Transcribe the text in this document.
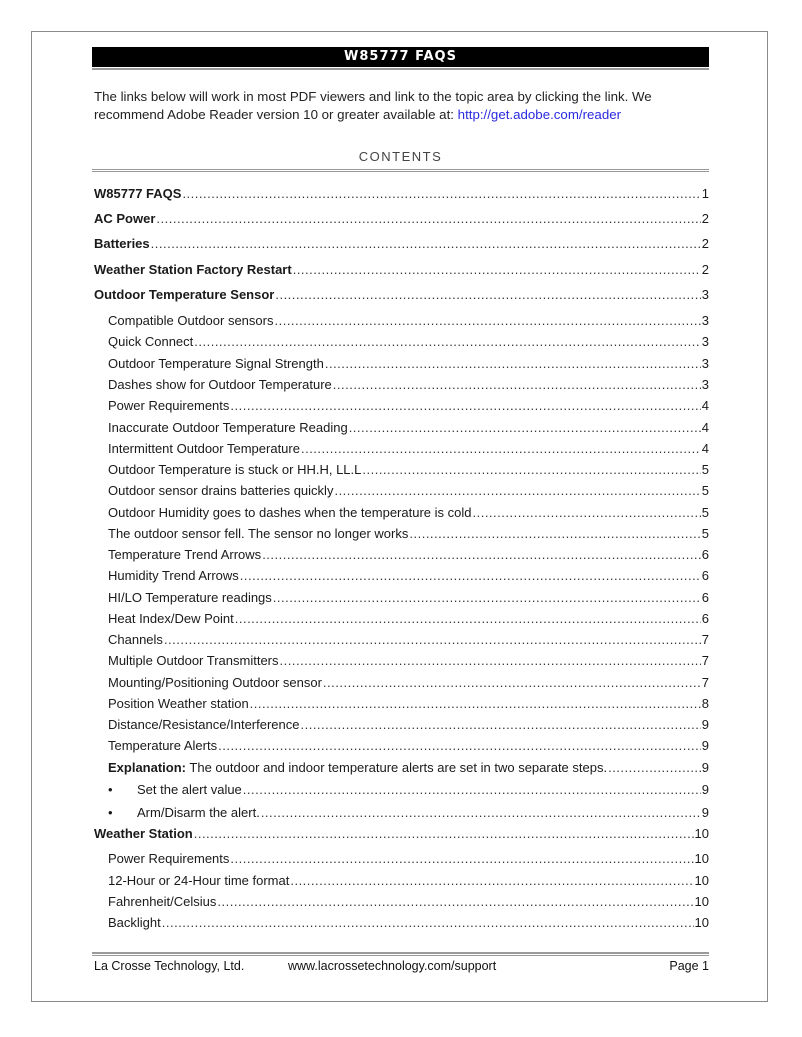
W85777 FAQS
The links below will work in most PDF viewers and link to the topic area by clicking the link. We recommend Adobe Reader version 10 or greater available at: http://get.adobe.com/reader
CONTENTS
W85777 FAQS .....	1
AC Power .....	2
Batteries .....	2
Weather Station Factory Restart .....	2
Outdoor Temperature Sensor .....	3
Compatible Outdoor sensors .....	3
Quick Connect .....	3
Outdoor Temperature Signal Strength .....	3
Dashes show for Outdoor Temperature .....	3
Power Requirements .....	4
Inaccurate Outdoor Temperature Reading .....	4
Intermittent Outdoor Temperature .....	4
Outdoor Temperature is stuck or HH.H, LL.L .....	5
Outdoor sensor drains batteries quickly .....	5
Outdoor Humidity goes to dashes when the temperature is cold .....	5
The outdoor sensor fell. The sensor no longer works .....	5
Temperature Trend Arrows .....	6
Humidity Trend Arrows .....	6
HI/LO Temperature readings .....	6
Heat Index/Dew Point .....	6
Channels .....	7
Multiple Outdoor Transmitters .....	7
Mounting/Positioning Outdoor sensor .....	7
Position Weather station .....	8
Distance/Resistance/Interference .....	9
Temperature Alerts .....	9
Explanation: The outdoor and indoor temperature alerts are set in two separate steps. .....	9
• Set the alert value .....	9
• Arm/Disarm the alert. .....	9
Weather Station .....	10
Power Requirements .....	10
12-Hour or 24-Hour time format .....	10
Fahrenheit/Celsius .....	10
Backlight .....	10
La Crosse Technology, Ltd.	www.lacrossetechnology.com/support	Page 1
